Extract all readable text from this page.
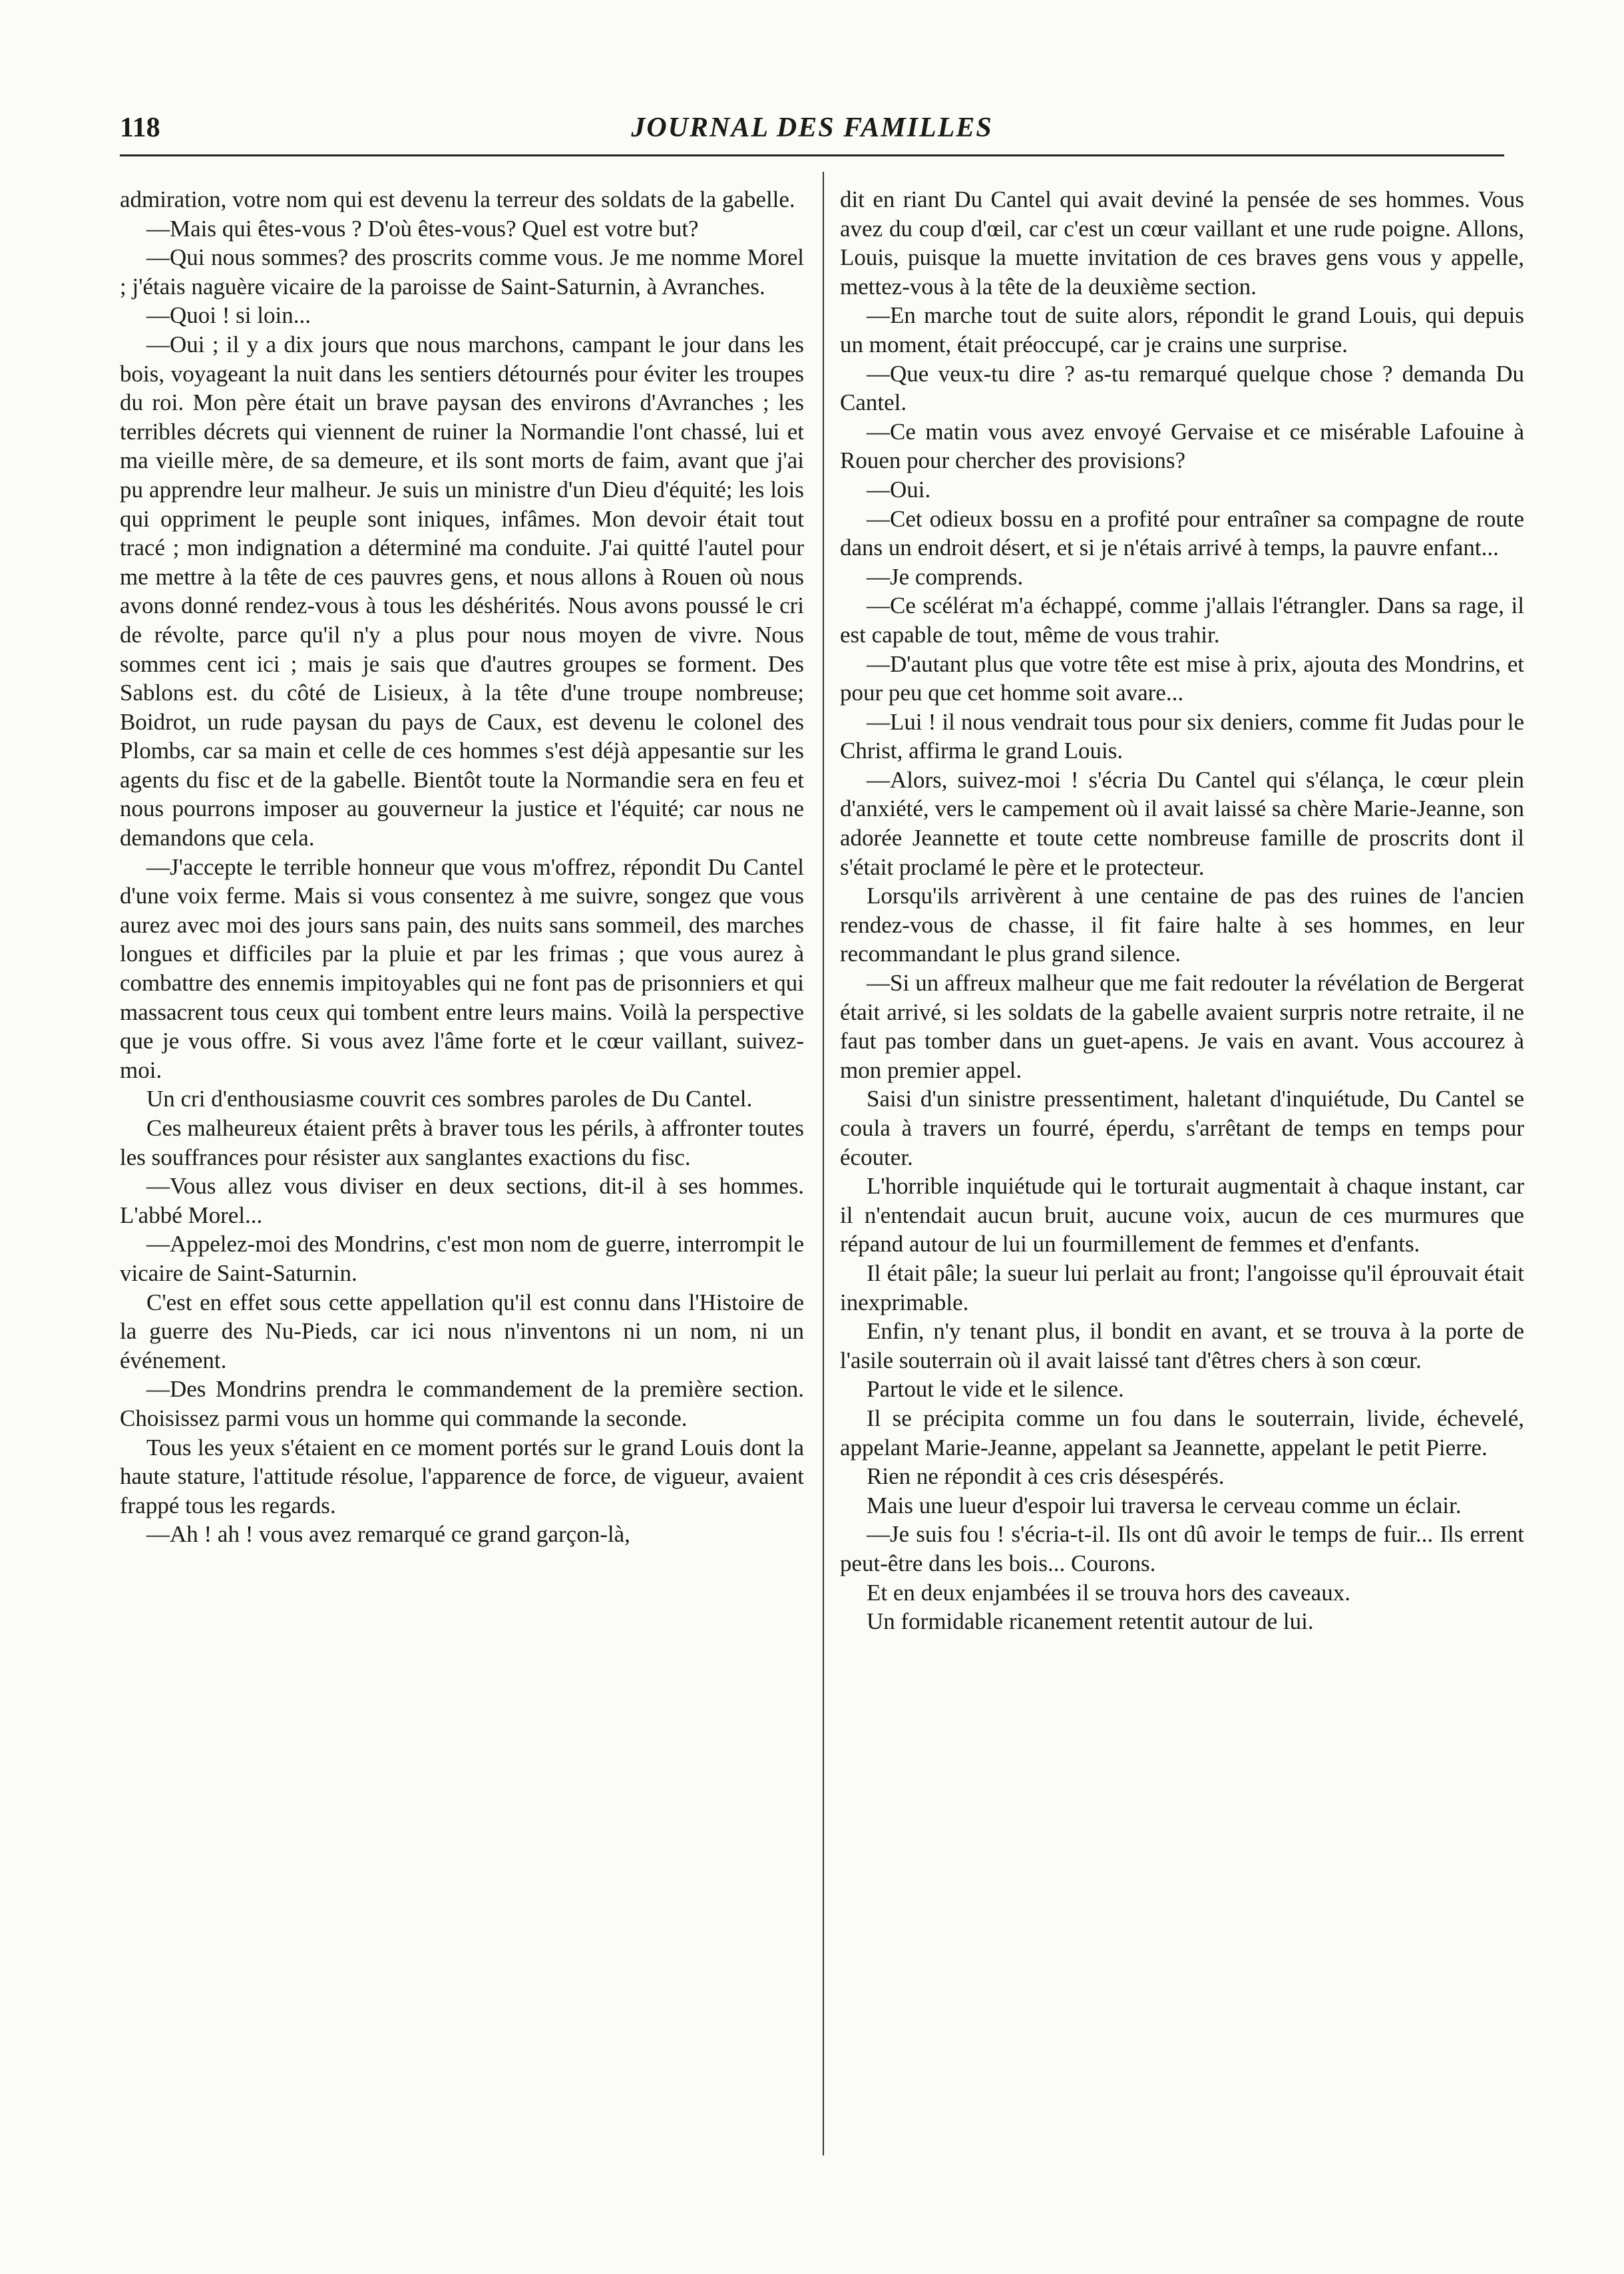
118	JOURNAL DES FAMILLES

admiration, votre nom qui est devenu la terreur des soldats de la gabelle.

—Mais qui êtes-vous ? D'où êtes-vous? Quel est votre but?

—Qui nous sommes? des proscrits comme vous. Je me nomme Morel ; j'étais naguère vicaire de la paroisse de Saint-Saturnin, à Avranches.

—Quoi ! si loin...

—Oui ; il y a dix jours que nous marchons, campant le jour dans les bois, voyageant la nuit dans les sentiers détournés pour éviter les troupes du roi. Mon père était un brave paysan des environs d'Avranches ; les terribles décrets qui viennent de ruiner la Normandie l'ont chassé, lui et ma vieille mère, de sa demeure, et ils sont morts de faim, avant que j'ai pu apprendre leur malheur. Je suis un ministre d'un Dieu d'équité; les lois qui oppriment le peuple sont iniques, infâmes. Mon devoir était tout tracé ; mon indignation a déterminé ma conduite. J'ai quitté l'autel pour me mettre à la tête de ces pauvres gens, et nous allons à Rouen où nous avons donné rendez-vous à tous les déshérités. Nous avons poussé le cri de révolte, parce qu'il n'y a plus pour nous moyen de vivre. Nous sommes cent ici ; mais je sais que d'autres groupes se forment. Des Sablons est. du côté de Lisieux, à la tête d'une troupe nombreuse; Boidrot, un rude paysan du pays de Caux, est devenu le colonel des Plombs, car sa main et celle de ces hommes s'est déjà appesantie sur les agents du fisc et de la gabelle. Bientôt toute la Normandie sera en feu et nous pourrons imposer au gouverneur la justice et l'équité; car nous ne demandons que cela.

—J'accepte le terrible honneur que vous m'offrez, répondit Du Cantel d'une voix ferme. Mais si vous consentez à me suivre, songez que vous aurez avec moi des jours sans pain, des nuits sans sommeil, des marches longues et difficiles par la pluie et par les frimas ; que vous aurez à combattre des ennemis impitoyables qui ne font pas de prisonniers et qui massacrent tous ceux qui tombent entre leurs mains. Voilà la perspective que je vous offre. Si vous avez l'âme forte et le cœur vaillant, suivez-moi.

Un cri d'enthousiasme couvrit ces sombres paroles de Du Cantel.

Ces malheureux étaient prêts à braver tous les périls, à affronter toutes les souffrances pour résister aux sanglantes exactions du fisc.

—Vous allez vous diviser en deux sections, dit-il à ses hommes. L'abbé Morel...

—Appelez-moi des Mondrins, c'est mon nom de guerre, interrompit le vicaire de Saint-Saturnin.

C'est en effet sous cette appellation qu'il est connu dans l'Histoire de la guerre des Nu-Pieds, car ici nous n'inventons ni un nom, ni un événement.

—Des Mondrins prendra le commandement de la première section. Choisissez parmi vous un homme qui commande la seconde.

Tous les yeux s'étaient en ce moment portés sur le grand Louis dont la haute stature, l'attitude résolue, l'apparence de force, de vigueur, avaient frappé tous les regards.

—Ah ! ah ! vous avez remarqué ce grand garçon-là,

dit en riant Du Cantel qui avait deviné la pensée de ses hommes. Vous avez du coup d'œil, car c'est un cœur vaillant et une rude poigne. Allons, Louis, puisque la muette invitation de ces braves gens vous y appelle, mettez-vous à la tête de la deuxième section.

—En marche tout de suite alors, répondit le grand Louis, qui depuis un moment, était préoccupé, car je crains une surprise.

—Que veux-tu dire ? as-tu remarqué quelque chose ? demanda Du Cantel.

—Ce matin vous avez envoyé Gervaise et ce misérable Lafouine à Rouen pour chercher des provisions?

—Oui.

—Cet odieux bossu en a profité pour entraîner sa compagne de route dans un endroit désert, et si je n'étais arrivé à temps, la pauvre enfant...

—Je comprends.

—Ce scélérat m'a échappé, comme j'allais l'étrangler. Dans sa rage, il est capable de tout, même de vous trahir.

—D'autant plus que votre tête est mise à prix, ajouta des Mondrins, et pour peu que cet homme soit avare...

—Lui ! il nous vendrait tous pour six deniers, comme fit Judas pour le Christ, affirma le grand Louis.

—Alors, suivez-moi ! s'écria Du Cantel qui s'élança, le cœur plein d'anxiété, vers le campement où il avait laissé sa chère Marie-Jeanne, son adorée Jeannette et toute cette nombreuse famille de proscrits dont il s'était proclamé le père et le protecteur.

Lorsqu'ils arrivèrent à une centaine de pas des ruines de l'ancien rendez-vous de chasse, il fit faire halte à ses hommes, en leur recommandant le plus grand silence.

—Si un affreux malheur que me fait redouter la révélation de Bergerat était arrivé, si les soldats de la gabelle avaient surpris notre retraite, il ne faut pas tomber dans un guet-apens. Je vais en avant. Vous accourez à mon premier appel.

Saisi d'un sinistre pressentiment, haletant d'inquiétude, Du Cantel se coula à travers un fourré, éperdu, s'arrêtant de temps en temps pour écouter.

L'horrible inquiétude qui le torturait augmentait à chaque instant, car il n'entendait aucun bruit, aucune voix, aucun de ces murmures que répand autour de lui un fourmillement de femmes et d'enfants.

Il était pâle; la sueur lui perlait au front; l'angoisse qu'il éprouvait était inexprimable.

Enfin, n'y tenant plus, il bondit en avant, et se trouva à la porte de l'asile souterrain où il avait laissé tant d'êtres chers à son cœur.

Partout le vide et le silence.

Il se précipita comme un fou dans le souterrain, livide, échevelé, appelant Marie-Jeanne, appelant sa Jeannette, appelant le petit Pierre.

Rien ne répondit à ces cris désespérés.

Mais une lueur d'espoir lui traversa le cerveau comme un éclair.

—Je suis fou ! s'écria-t-il. Ils ont dû avoir le temps de fuir... Ils errent peut-être dans les bois... Courons.

Et en deux enjambées il se trouva hors des caveaux.

Un formidable ricanement retentit autour de lui.
